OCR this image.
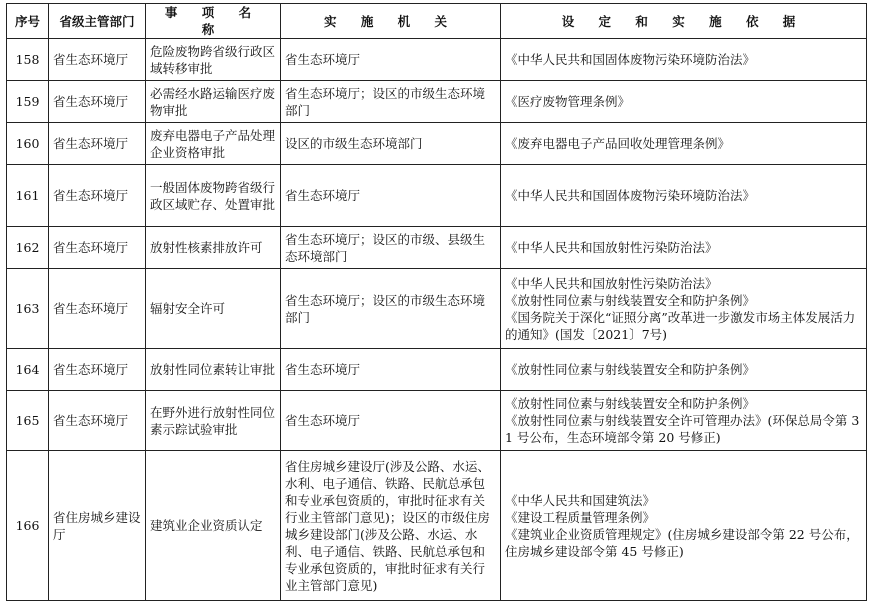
序号	省级主管部门	事 项 名 称	实 施 机 关	设 定 和 实 施 依 据
158	省生态环境厅	危险废物跨省级行政区域转移审批	省生态环境厅	《中华人民共和国固体废物污染环境防治法》

159	省生态环境厅	必需经水路运输医疗废物审批	省生态环境厅；设区的市级生态环境部门	《医疗废物管理条例》

160	省生态环境厅	废弃电器电子产品处理企业资格审批	设区的市级生态环境部门	《废弃电器电子产品回收处理管理条例》

161	省生态环境厅	一般固体废物跨省级行政区域贮存、处置审批	省生态环境厅	《中华人民共和国固体废物污染环境防治法》

162	省生态环境厅	放射性核素排放许可	省生态环境厅；设区的市级、县级生态环境部门	《中华人民共和国放射性污染防治法》

163	省生态环境厅	辐射安全许可	省生态环境厅；设区的市级生态环境部门	《中华人民共和国放射性污染防治法》
《放射性同位素与射线装置安全和防护条例》
《国务院关于深化“证照分离”改革进一步激发市场主体发展活力的通知》(国发〔2021〕7号)

164	省生态环境厅	放射性同位素转让审批	省生态环境厅	《放射性同位素与射线装置安全和防护条例》

165	省生态环境厅	在野外进行放射性同位素示踪试验审批	省生态环境厅	《放射性同位素与射线装置安全和防护条例》
《放射性同位素与射线装置安全许可管理办法》(环保总局令第 31 号公布，生态环境部令第 20 号修正)

166	省住房城乡建设厅	建筑业企业资质认定	省住房城乡建设厅(涉及公路、水运、水利、电子通信、铁路、民航总承包和专业承包资质的，审批时征求有关行业主管部门意见)；设区的市级住房城乡建设部门(涉及公路、水运、水利、电子通信、铁路、民航总承包和专业承包资质的，审批时征求有关行业主管部门意见)	《中华人民共和国建筑法》
《建设工程质量管理条例》
《建筑业企业资质管理规定》(住房城乡建设部令第 22 号公布，住房城乡建设部令第 45 号修正)
